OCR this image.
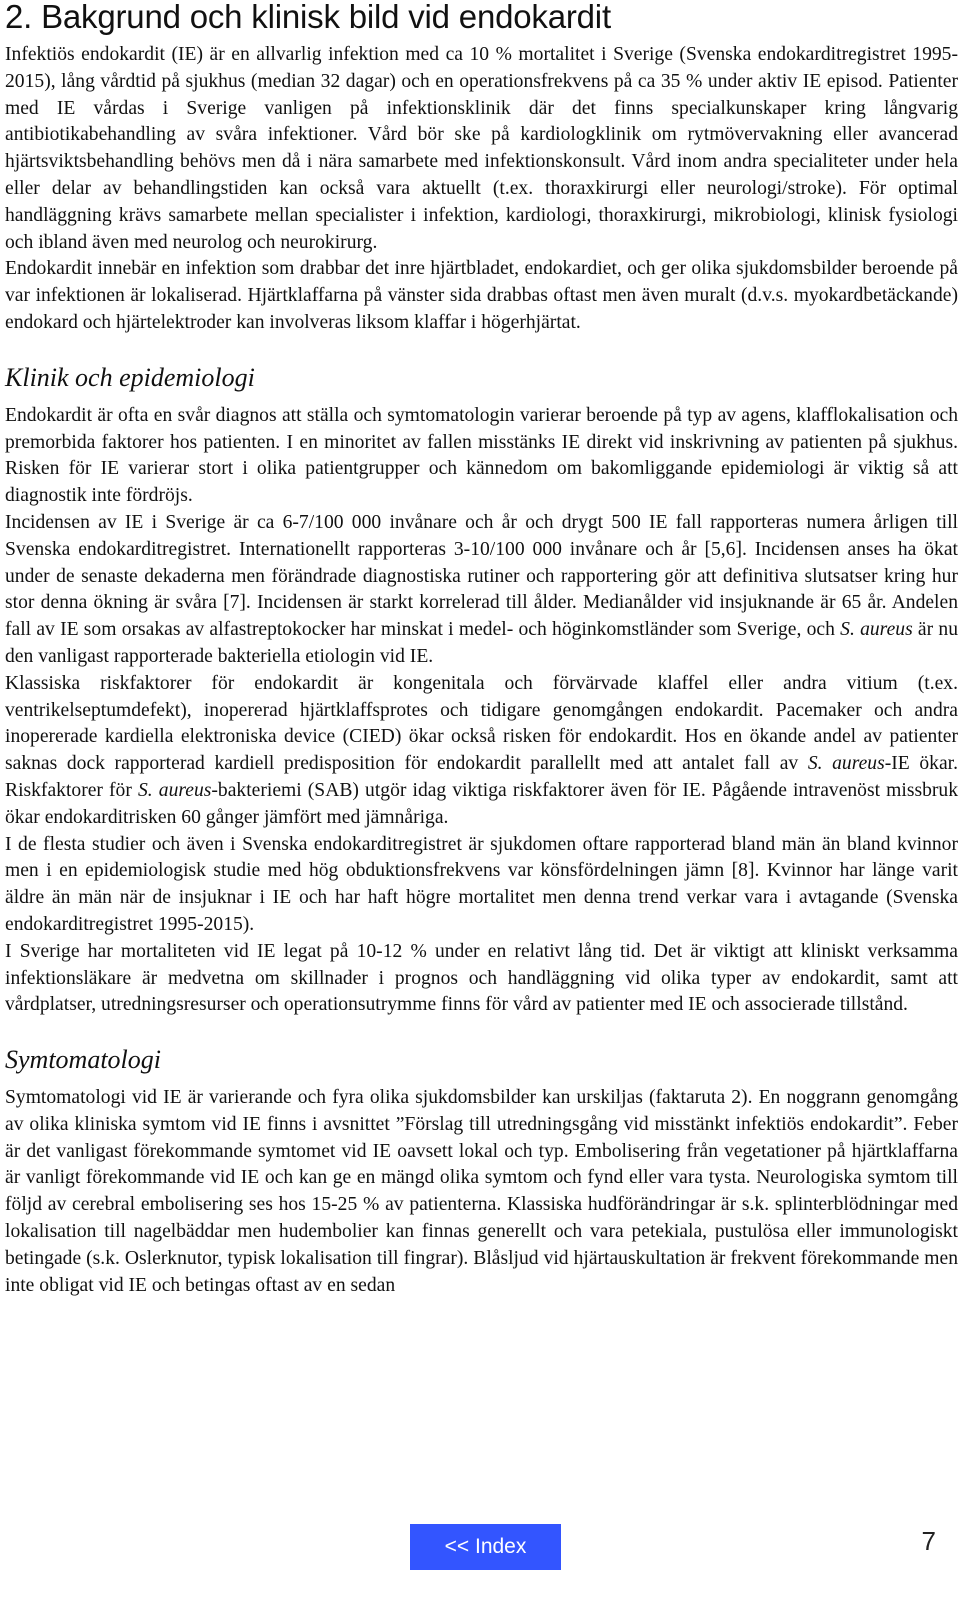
2. Bakgrund och klinisk bild vid endokardit

Infektiös endokardit (IE) är en allvarlig infektion med ca 10 % mortalitet i Sverige (Svenska endokarditregistret 1995-2015), lång vårdtid på sjukhus (median 32 dagar) och en operationsfrekvens på ca 35 % under aktiv IE episod. Patienter med IE vårdas i Sverige vanligen på infektionsklinik där det finns specialkunskaper kring långvarig antibiotikabehandling av svåra infektioner. Vård bör ske på kardiologklinik om rytmövervakning eller avancerad hjärtsviktsbehandling behövs men då i nära samarbete med infektionskonsult. Vård inom andra specialiteter under hela eller delar av behandlingstiden kan också vara aktuellt (t.ex. thoraxkirurgi eller neurologi/stroke). För optimal handläggning krävs samarbete mellan specialister i infektion, kardiologi, thoraxkirurgi, mikrobiologi, klinisk fysiologi och ibland även med neurolog och neurokirurg.

Endokardit innebär en infektion som drabbar det inre hjärtbladet, endokardiet, och ger olika sjukdomsbilder beroende på var infektionen är lokaliserad. Hjärtklaffarna på vänster sida drabbas oftast men även muralt (d.v.s. myokardbetäckande) endokard och hjärtelektroder kan involveras liksom klaffar i högerhjärtat.

Klinik och epidemiologi

Endokardit är ofta en svår diagnos att ställa och symtomatologin varierar beroende på typ av agens, klafflokalisation och premorbida faktorer hos patienten. I en minoritet av fallen misstänks IE direkt vid inskrivning av patienten på sjukhus. Risken för IE varierar stort i olika patientgrupper och kännedom om bakomliggande epidemiologi är viktig så att diagnostik inte fördröjs.

Incidensen av IE i Sverige är ca 6-7/100 000 invånare och år och drygt 500 IE fall rapporteras numera årligen till Svenska endokarditregistret. Internationellt rapporteras 3-10/100 000 invånare och år [5,6]. Incidensen anses ha ökat under de senaste dekaderna men förändrade diagnostiska rutiner och rapportering gör att definitiva slutsatser kring hur stor denna ökning är svåra [7]. Incidensen är starkt korrelerad till ålder. Medianålder vid insjuknande är 65 år. Andelen fall av IE som orsakas av alfastreptokocker har minskat i medel- och höginkomstländer som Sverige, och S. aureus är nu den vanligast rapporterade bakteriella etiologin vid IE.

Klassiska riskfaktorer för endokardit är kongenitala och förvärvade klaffel eller andra vitium (t.ex. ventrikelseptumdefekt), inopererad hjärtklaffsprotes och tidigare genomgången endokardit. Pacemaker och andra inopererade kardiella elektroniska device (CIED) ökar också risken för endokardit. Hos en ökande andel av patienter saknas dock rapporterad kardiell predisposition för endokardit parallellt med att antalet fall av S. aureus-IE ökar. Riskfaktorer för S. aureus-bakteriemi (SAB) utgör idag viktiga riskfaktorer även för IE. Pågående intravenöst missbruk ökar endokarditrisken 60 gånger jämfört med jämnåriga.

I de flesta studier och även i Svenska endokarditregistret är sjukdomen oftare rapporterad bland män än bland kvinnor men i en epidemiologisk studie med hög obduktionsfrekvens var könsfördelningen jämn [8]. Kvinnor har länge varit äldre än män när de insjuknar i IE och har haft högre mortalitet men denna trend verkar vara i avtagande (Svenska endokarditregistret 1995-2015).

I Sverige har mortaliteten vid IE legat på 10-12 % under en relativt lång tid. Det är viktigt att kliniskt verksamma infektionsläkare är medvetna om skillnader i prognos och handläggning vid olika typer av endokardit, samt att vårdplatser, utredningsresurser och operationsutrymme finns för vård av patienter med IE och associerade tillstånd.

Symtomatologi

Symtomatologi vid IE är varierande och fyra olika sjukdomsbilder kan urskiljas (faktaruta 2). En noggrann genomgång av olika kliniska symtom vid IE finns i avsnittet ”Förslag till utredningsgång vid misstänkt infektiös endokardit”. Feber är det vanligast förekommande symtomet vid IE oavsett lokal och typ. Embolisering från vegetationer på hjärtklaffarna är vanligt förekommande vid IE och kan ge en mängd olika symtom och fynd eller vara tysta. Neurologiska symtom till följd av cerebral embolisering ses hos 15-25 % av patienterna. Klassiska hudförändringar är s.k. splinterblödningar med lokalisation till nagelbäddar men hudembolier kan finnas generellt och vara petekiala, pustulösa eller immunologiskt betingade (s.k. Oslerknutor, typisk lokalisation till fingrar). Blåsljud vid hjärtauskultation är frekvent förekommande men inte obligat vid IE och betingas oftast av en sedan

<< Index	7
